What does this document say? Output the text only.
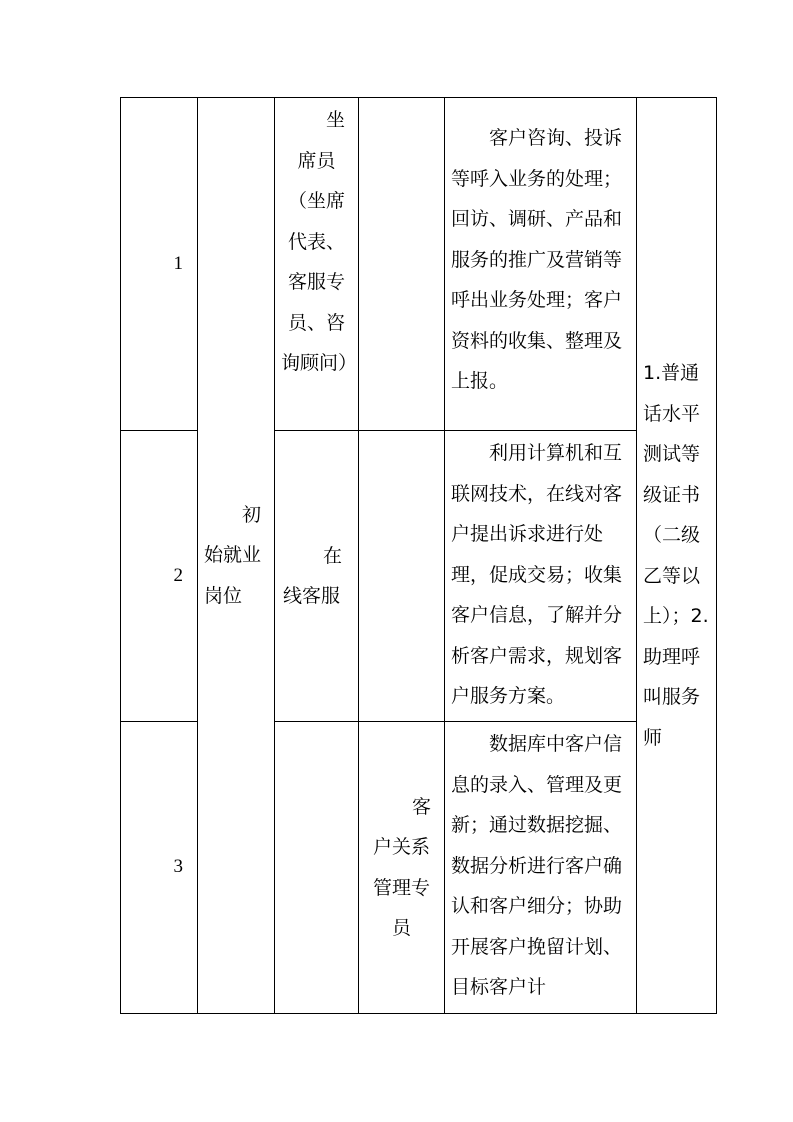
1	初始就业岗位	坐席员（坐席代表、客服专员、咨询顾问）		客户咨询、投诉等呼入业务的处理；回访、调研、产品和服务的推广及营销等呼出业务处理；客户资料的收集、整理及上报。	1.普通话水平测试等级证书（二级乙等以上）；2.助理呼叫服务师

2		在线客服		利用计算机和互联网技术，在线对客户提出诉求进行处理，促成交易；收集客户信息，了解并分析客户需求，规划客户服务方案。	

3			客户关系管理专员	数据库中客户信息的录入、管理及更新；通过数据挖掘、数据分析进行客户确认和客户细分；协助开展客户挽留计划、目标客户计	
